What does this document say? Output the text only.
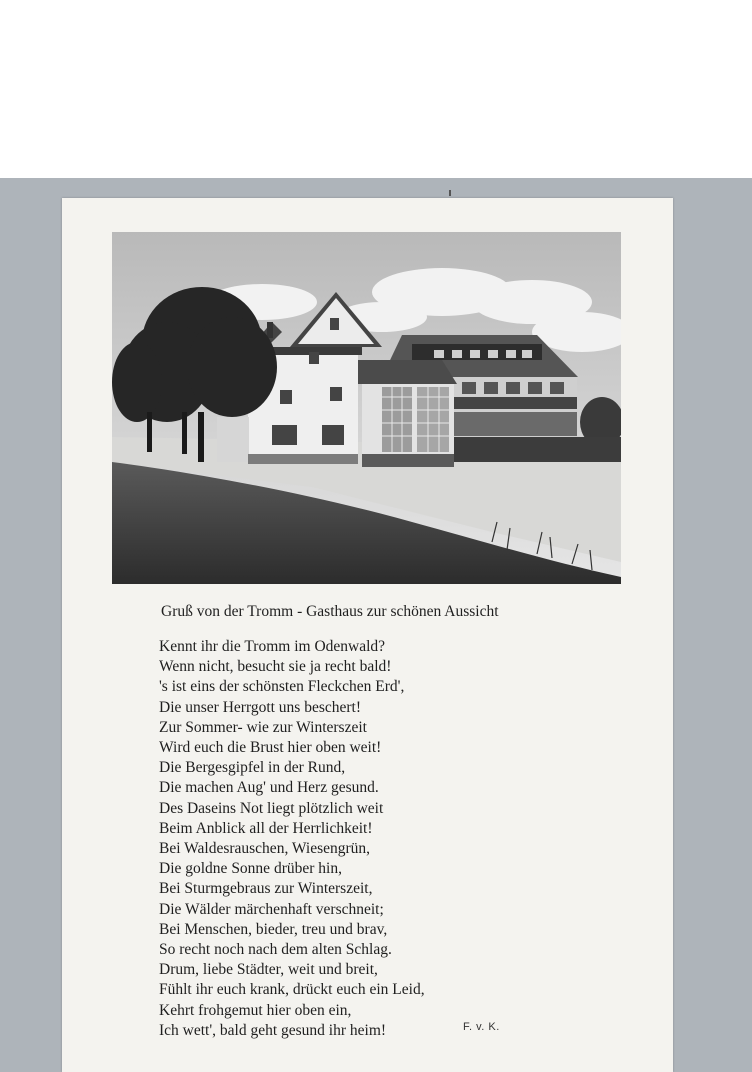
Gruß von der Tromm - Gasthaus zur schönen Aussicht
Kennt ihr die Tromm im Odenwald?
Wenn nicht, besucht sie ja recht bald!
's ist eins der schönsten Fleckchen Erd',
Die unser Herrgott uns beschert!
Zur Sommer- wie zur Winterszeit
Wird euch die Brust hier oben weit!
Die Bergesgipfel in der Rund,
Die machen Aug' und Herz gesund.
Des Daseins Not liegt plötzlich weit
Beim Anblick all der Herrlichkeit!
Bei Waldesrauschen, Wiesengrün,
Die goldne Sonne drüber hin,
Bei Sturmgebraus zur Winterszeit,
Die Wälder märchenhaft verschneit;
Bei Menschen, bieder, treu und brav,
So recht noch nach dem alten Schlag.
Drum, liebe Städter, weit und breit,
Fühlt ihr euch krank, drückt euch ein Leid,
Kehrt frohgemut hier oben ein,
Ich wett', bald geht gesund ihr heim!	F. v. K.
